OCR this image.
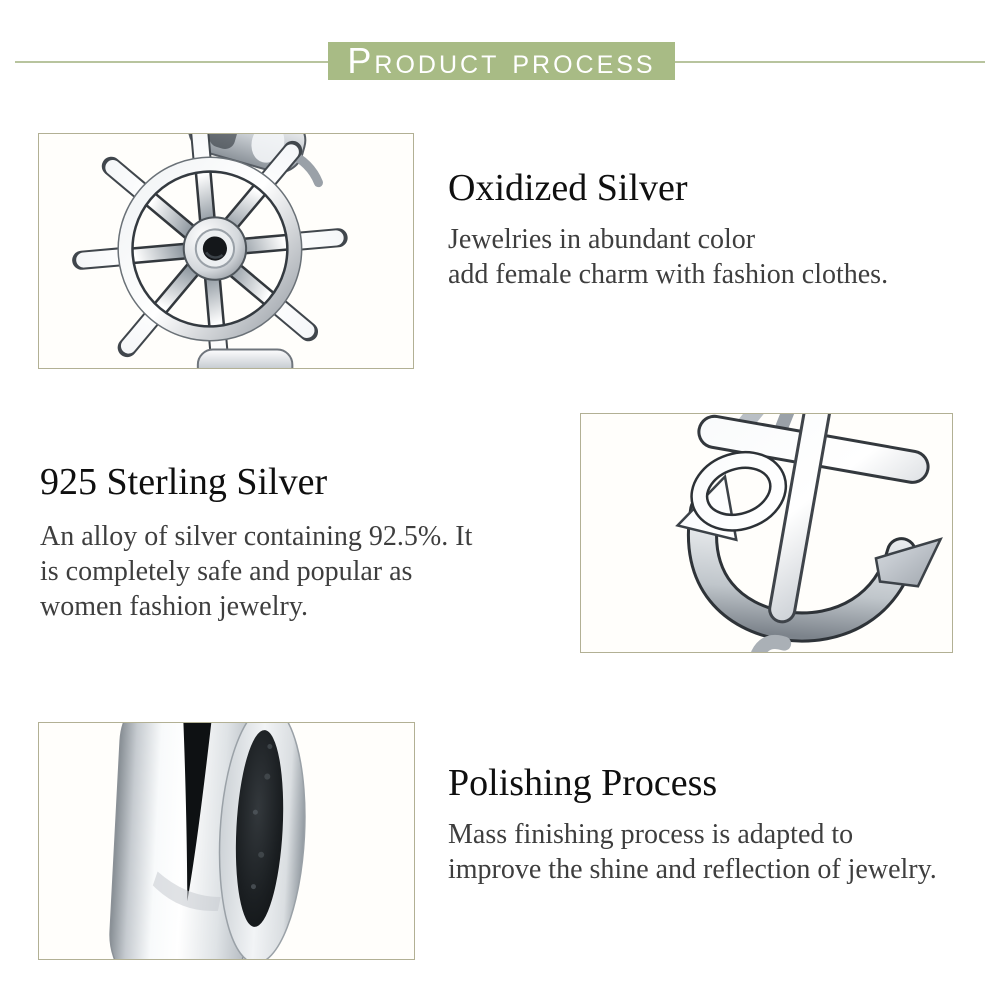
Product process
Oxidized Silver

Jewelries in abundant color
add female charm with fashion clothes.

925 Sterling Silver

An alloy of silver containing 92.5%. It
is completely safe and popular as
women fashion jewelry.

Polishing Process

Mass finishing process is adapted to
improve the shine and reflection of jewelry.
